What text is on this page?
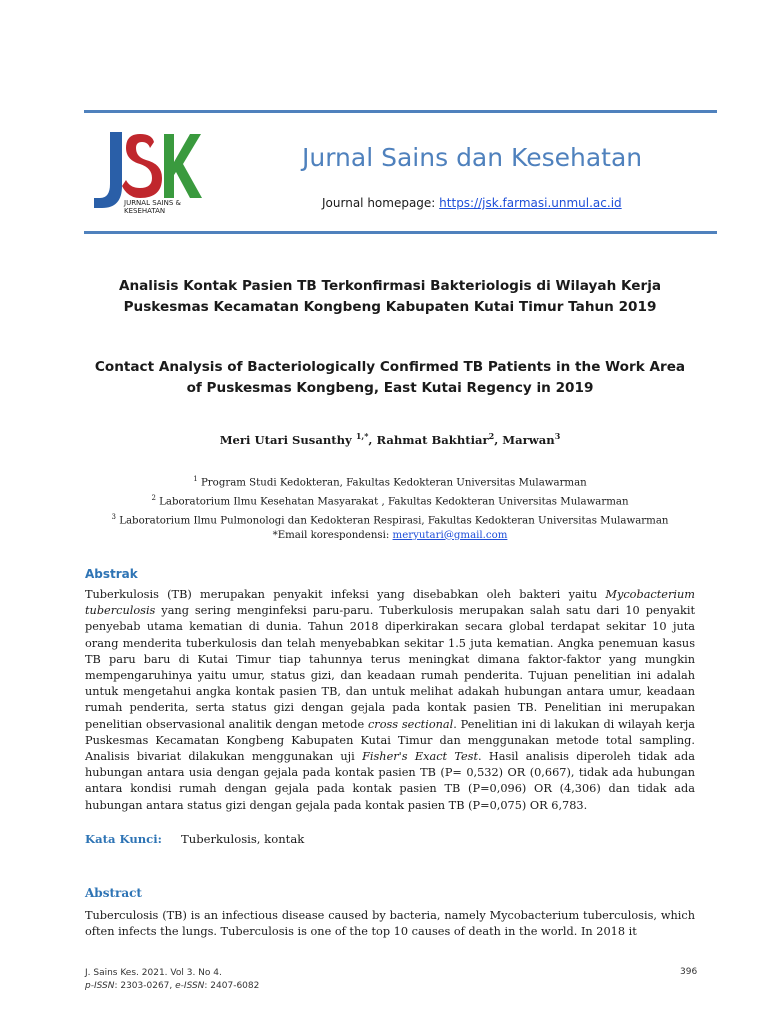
JURNAL SAINS &
KESEHATAN
Jurnal Sains dan Kesehatan
Journal homepage: https://jsk.farmasi.unmul.ac.id
Analisis Kontak Pasien TB Terkonfirmasi Bakteriologis di Wilayah Kerja
Puskesmas Kecamatan Kongbeng Kabupaten Kutai Timur Tahun 2019
Contact Analysis of Bacteriologically Confirmed TB Patients in the Work Area
of Puskesmas Kongbeng, East Kutai Regency in 2019
Meri Utari Susanthy $^{1,*}$, Rahmat Bakhtiar$^2$, Marwan$^3$
$^1$ Program Studi Kedokteran, Fakultas Kedokteran Universitas Mulawarman
$^2$ Laboratorium Ilmu Kesehatan Masyarakat , Fakultas Kedokteran Universitas Mulawarman
$^3$ Laboratorium Ilmu Pulmonologi dan Kedokteran Respirasi, Fakultas Kedokteran Universitas Mulawarman
*Email korespondensi: meryutari@gmail.com
Abstrak
Tuberkulosis (TB) merupakan penyakit infeksi yang disebabkan oleh bakteri yaitu Mycobacterium tuberculosis yang sering menginfeksi paru-paru. Tuberkulosis merupakan salah satu dari 10 penyakit penyebab utama kematian di dunia. Tahun 2018 diperkirakan secara global terdapat sekitar 10 juta orang menderita tuberkulosis dan telah menyebabkan sekitar 1.5 juta kematian. Angka penemuan kasus TB paru baru di Kutai Timur tiap tahunnya terus meningkat dimana faktor-faktor yang mungkin mempengaruhinya yaitu umur, status gizi, dan keadaan rumah penderita. Tujuan penelitian ini adalah untuk mengetahui angka kontak pasien TB, dan untuk melihat adakah hubungan antara umur, keadaan rumah penderita, serta status gizi dengan gejala pada kontak pasien TB. Penelitian ini merupakan penelitian observasional analitik dengan metode cross sectional. Penelitian ini di lakukan di wilayah kerja Puskesmas Kecamatan Kongbeng Kabupaten Kutai Timur dan menggunakan metode total sampling. Analisis bivariat dilakukan menggunakan uji Fisher's Exact Test. Hasil analisis diperoleh tidak ada hubungan antara usia dengan gejala pada kontak pasien TB (P= 0,532) OR (0,667), tidak ada hubungan antara kondisi rumah dengan gejala pada kontak pasien TB (P=0,096) OR (4,306) dan tidak ada hubungan antara status gizi dengan gejala pada kontak pasien TB (P=0,075) OR 6,783.
Kata Kunci: Tuberkulosis, kontak
Abstract
Tuberculosis (TB) is an infectious disease caused by bacteria, namely Mycobacterium tuberculosis, which often infects the lungs. Tuberculosis is one of the top 10 causes of death in the world. In 2018 it
J. Sains Kes. 2021. Vol 3. No 4.
p-ISSN: 2303-0267, e-ISSN: 2407-6082
396
